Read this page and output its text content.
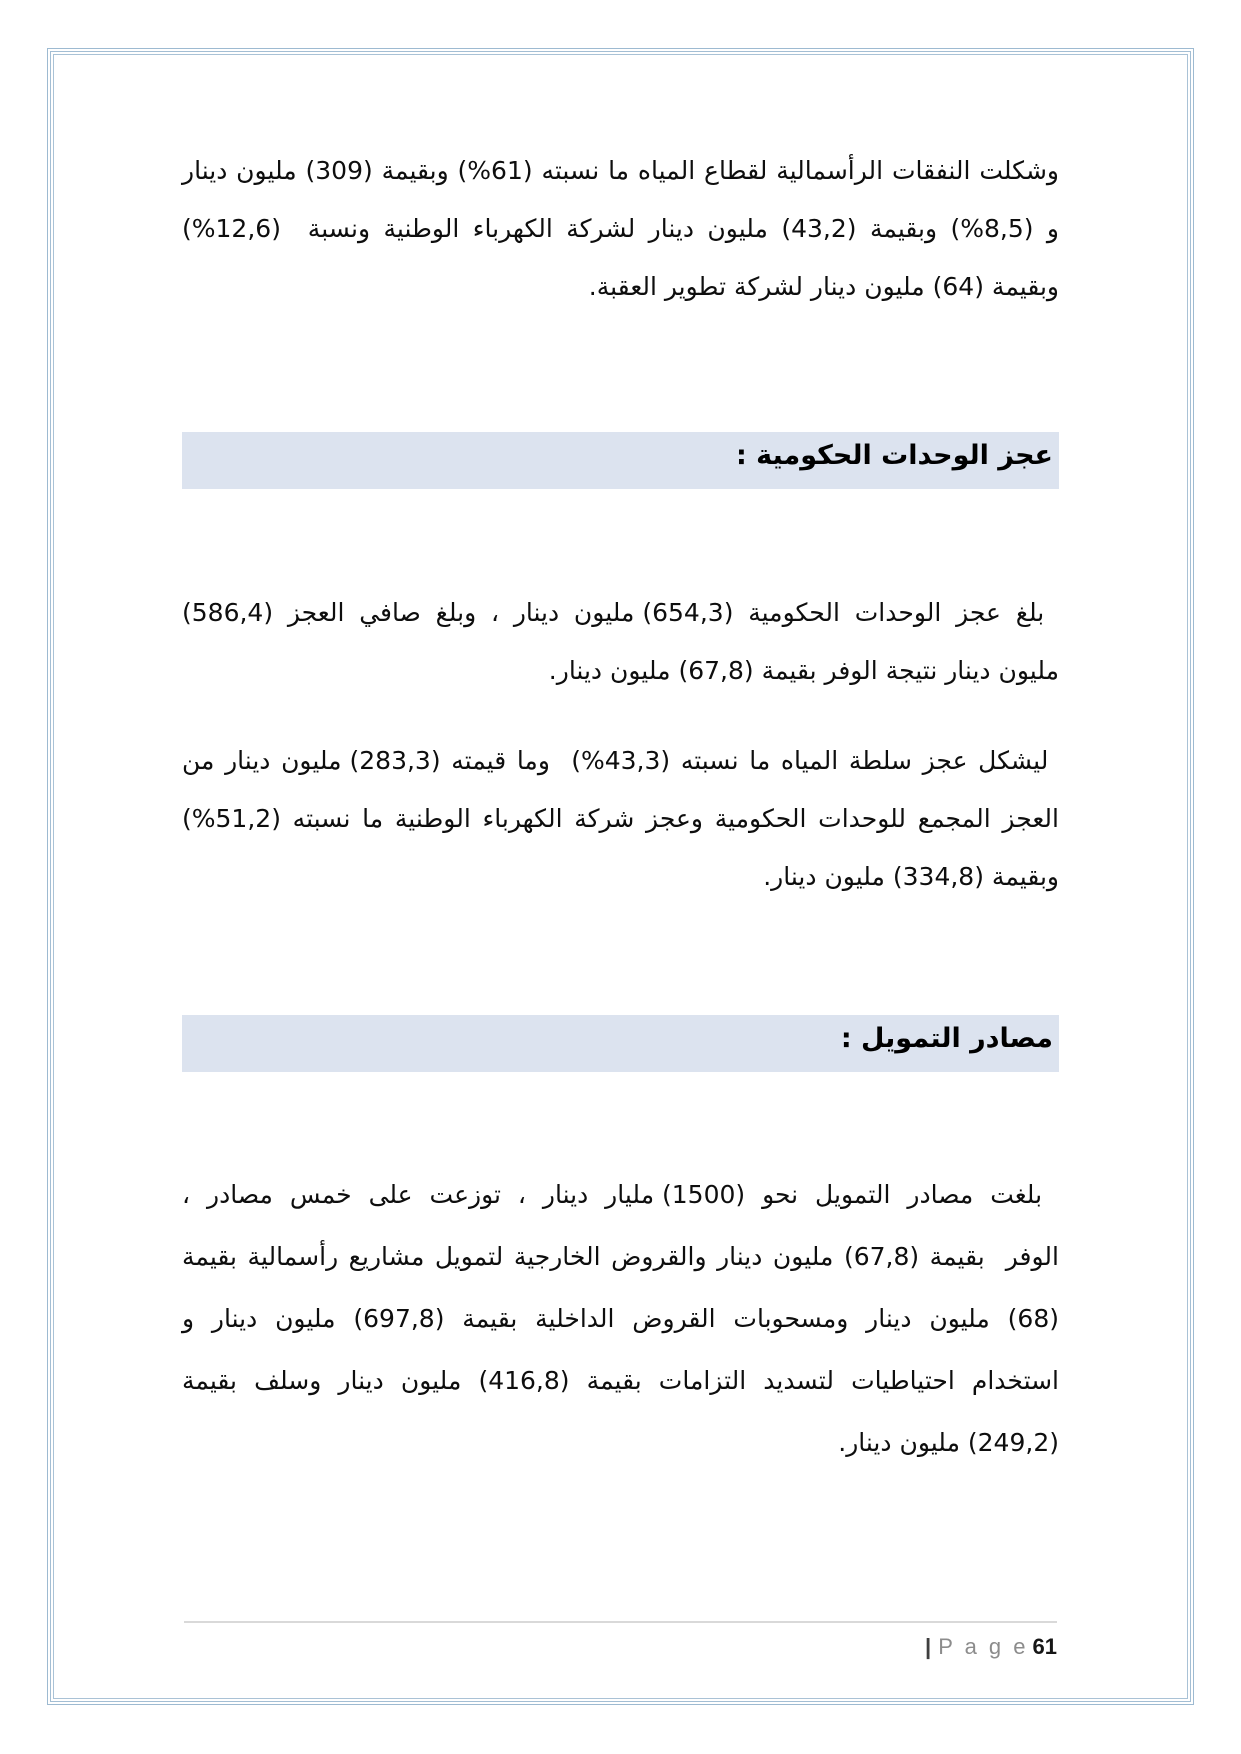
وشكلت النفقات الرأسمالية لقطاع المياه ما نسبته (61%) وبقيمة (309) مليون دينار
و (8,5%) وبقيمة (43,2) مليون دينار لشركة الكهرباء الوطنية ونسبة  (12,6%)
وبقيمة (64) مليون دينار لشركة تطوير العقبة.
عجز الوحدات الحكومية :
بلغ عجز الوحدات الحكومية (654,3) مليون دينار ، وبلغ صافي العجز (586,4)
مليون دينار نتيجة الوفر بقيمة (67,8) مليون دينار.
ليشكل عجز سلطة المياه ما نسبته (43,3%)  وما قيمته (283,3) مليون دينار من
العجز المجمع للوحدات الحكومية وعجز شركة الكهرباء الوطنية ما نسبته (51,2%)
وبقيمة (334,8) مليون دينار.
مصادر التمويل :
بلغت مصادر التمويل نحو (1500) مليار دينار ، توزعت على خمس مصادر ،
الوفر  بقيمة (67,8) مليون دينار والقروض الخارجية لتمويل مشاريع رأسمالية بقيمة
(68) مليون دينار ومسحوبات القروض الداخلية بقيمة (697,8) مليون دينار و
استخدام احتياطيات لتسديد التزامات بقيمة (416,8) مليون دينار وسلف بقيمة
(249,2) مليون دينار.
| P a g e 61
